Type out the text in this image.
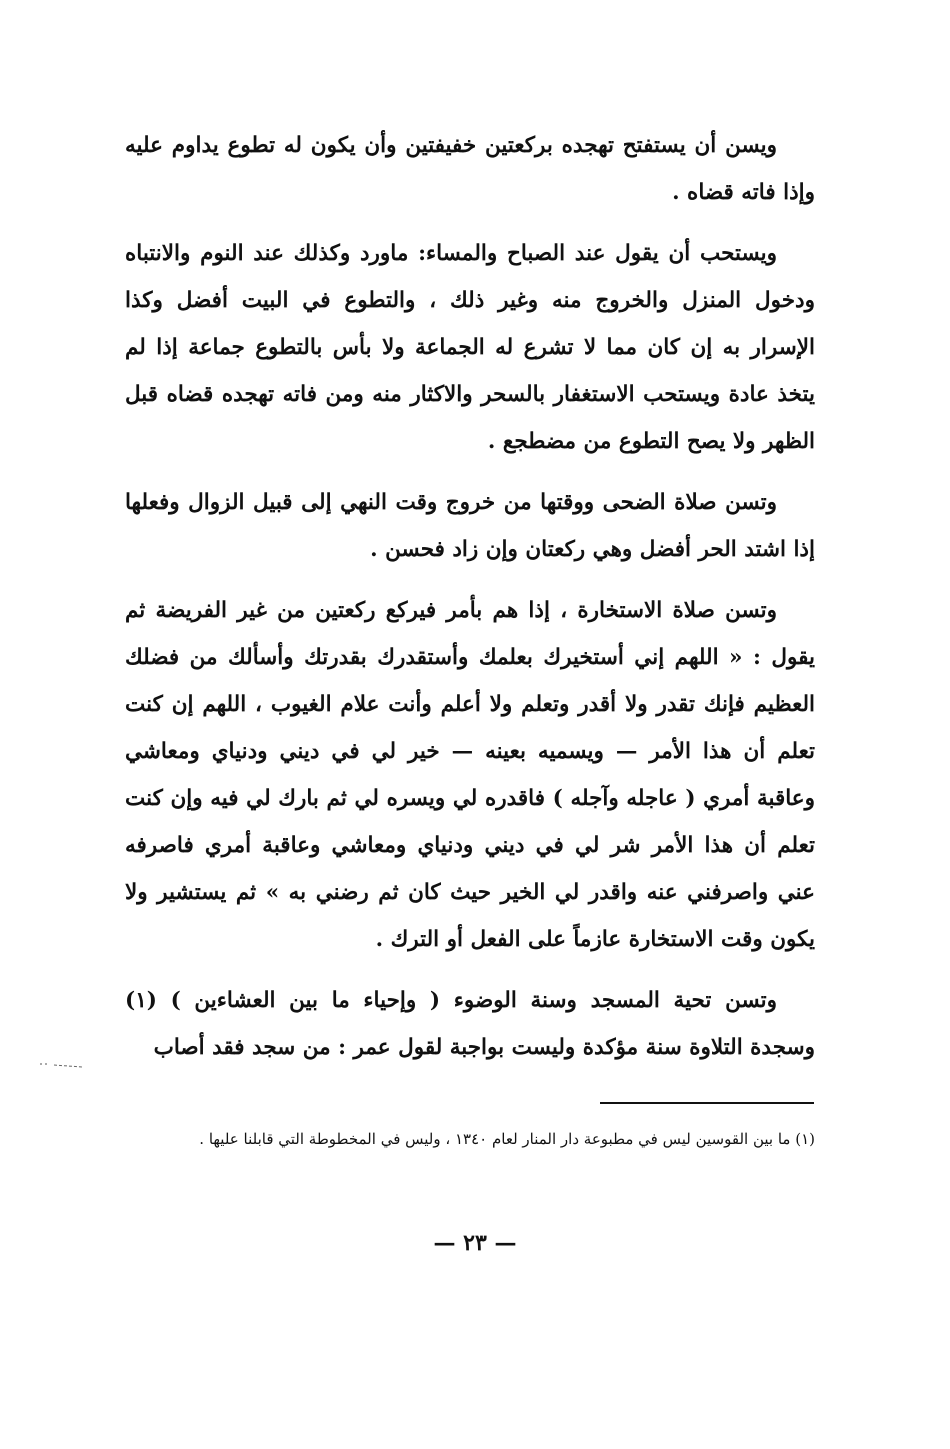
ويسن أن يستفتح تهجده بركعتين خفيفتين وأن يكون له تطوع يداوم عليه وإذا فاته قضاه .

ويستحب أن يقول عند الصباح والمساء: ماورد وكذلك عند النوم والانتباه ودخول المنزل والخروج منه وغير ذلك ، والتطوع في البيت أفضل وكذا الإسرار به إن كان مما لا تشرع له الجماعة ولا بأس بالتطوع جماعة إذا لم يتخذ عادة ويستحب الاستغفار بالسحر والاكثار منه ومن فاته تهجده قضاه قبل الظهر ولا يصح التطوع من مضطجع .

وتسن صلاة الضحى ووقتها من خروج وقت النهي إلى قبيل الزوال وفعلها إذا اشتد الحر أفضل وهي ركعتان وإن زاد فحسن .

وتسن صلاة الاستخارة ، إذا هم بأمر فيركع ركعتين من غير الفريضة ثم يقول : « اللهم إني أستخيرك بعلمك وأستقدرك بقدرتك وأسألك من فضلك العظيم فإنك تقدر ولا أقدر وتعلم ولا أعلم وأنت علام الغيوب ، اللهم إن كنت تعلم أن هذا الأمر — ويسميه بعينه — خير لي في ديني ودنياي ومعاشي وعاقبة أمري ( عاجله وآجله ) فاقدره لي ويسره لي ثم بارك لي فيه وإن كنت تعلم أن هذا الأمر شر لي في ديني ودنياي ومعاشي وعاقبة أمري فاصرفه عني واصرفني عنه واقدر لي الخير حيث كان ثم رضني به » ثم يستشير ولا يكون وقت الاستخارة عازماً على الفعل أو الترك .

وتسن تحية المسجد وسنة الوضوء ( وإحياء ما بين العشاءين ) (١) وسجدة التلاوة سنة مؤكدة وليست بواجبة لقول عمر : من سجد فقد أصاب

(١) ما بين القوسين ليس في مطبوعة دار المنار لعام ١٣٤٠ ، وليس في المخطوطة التي قابلنا عليها .
— ٢٣ —
